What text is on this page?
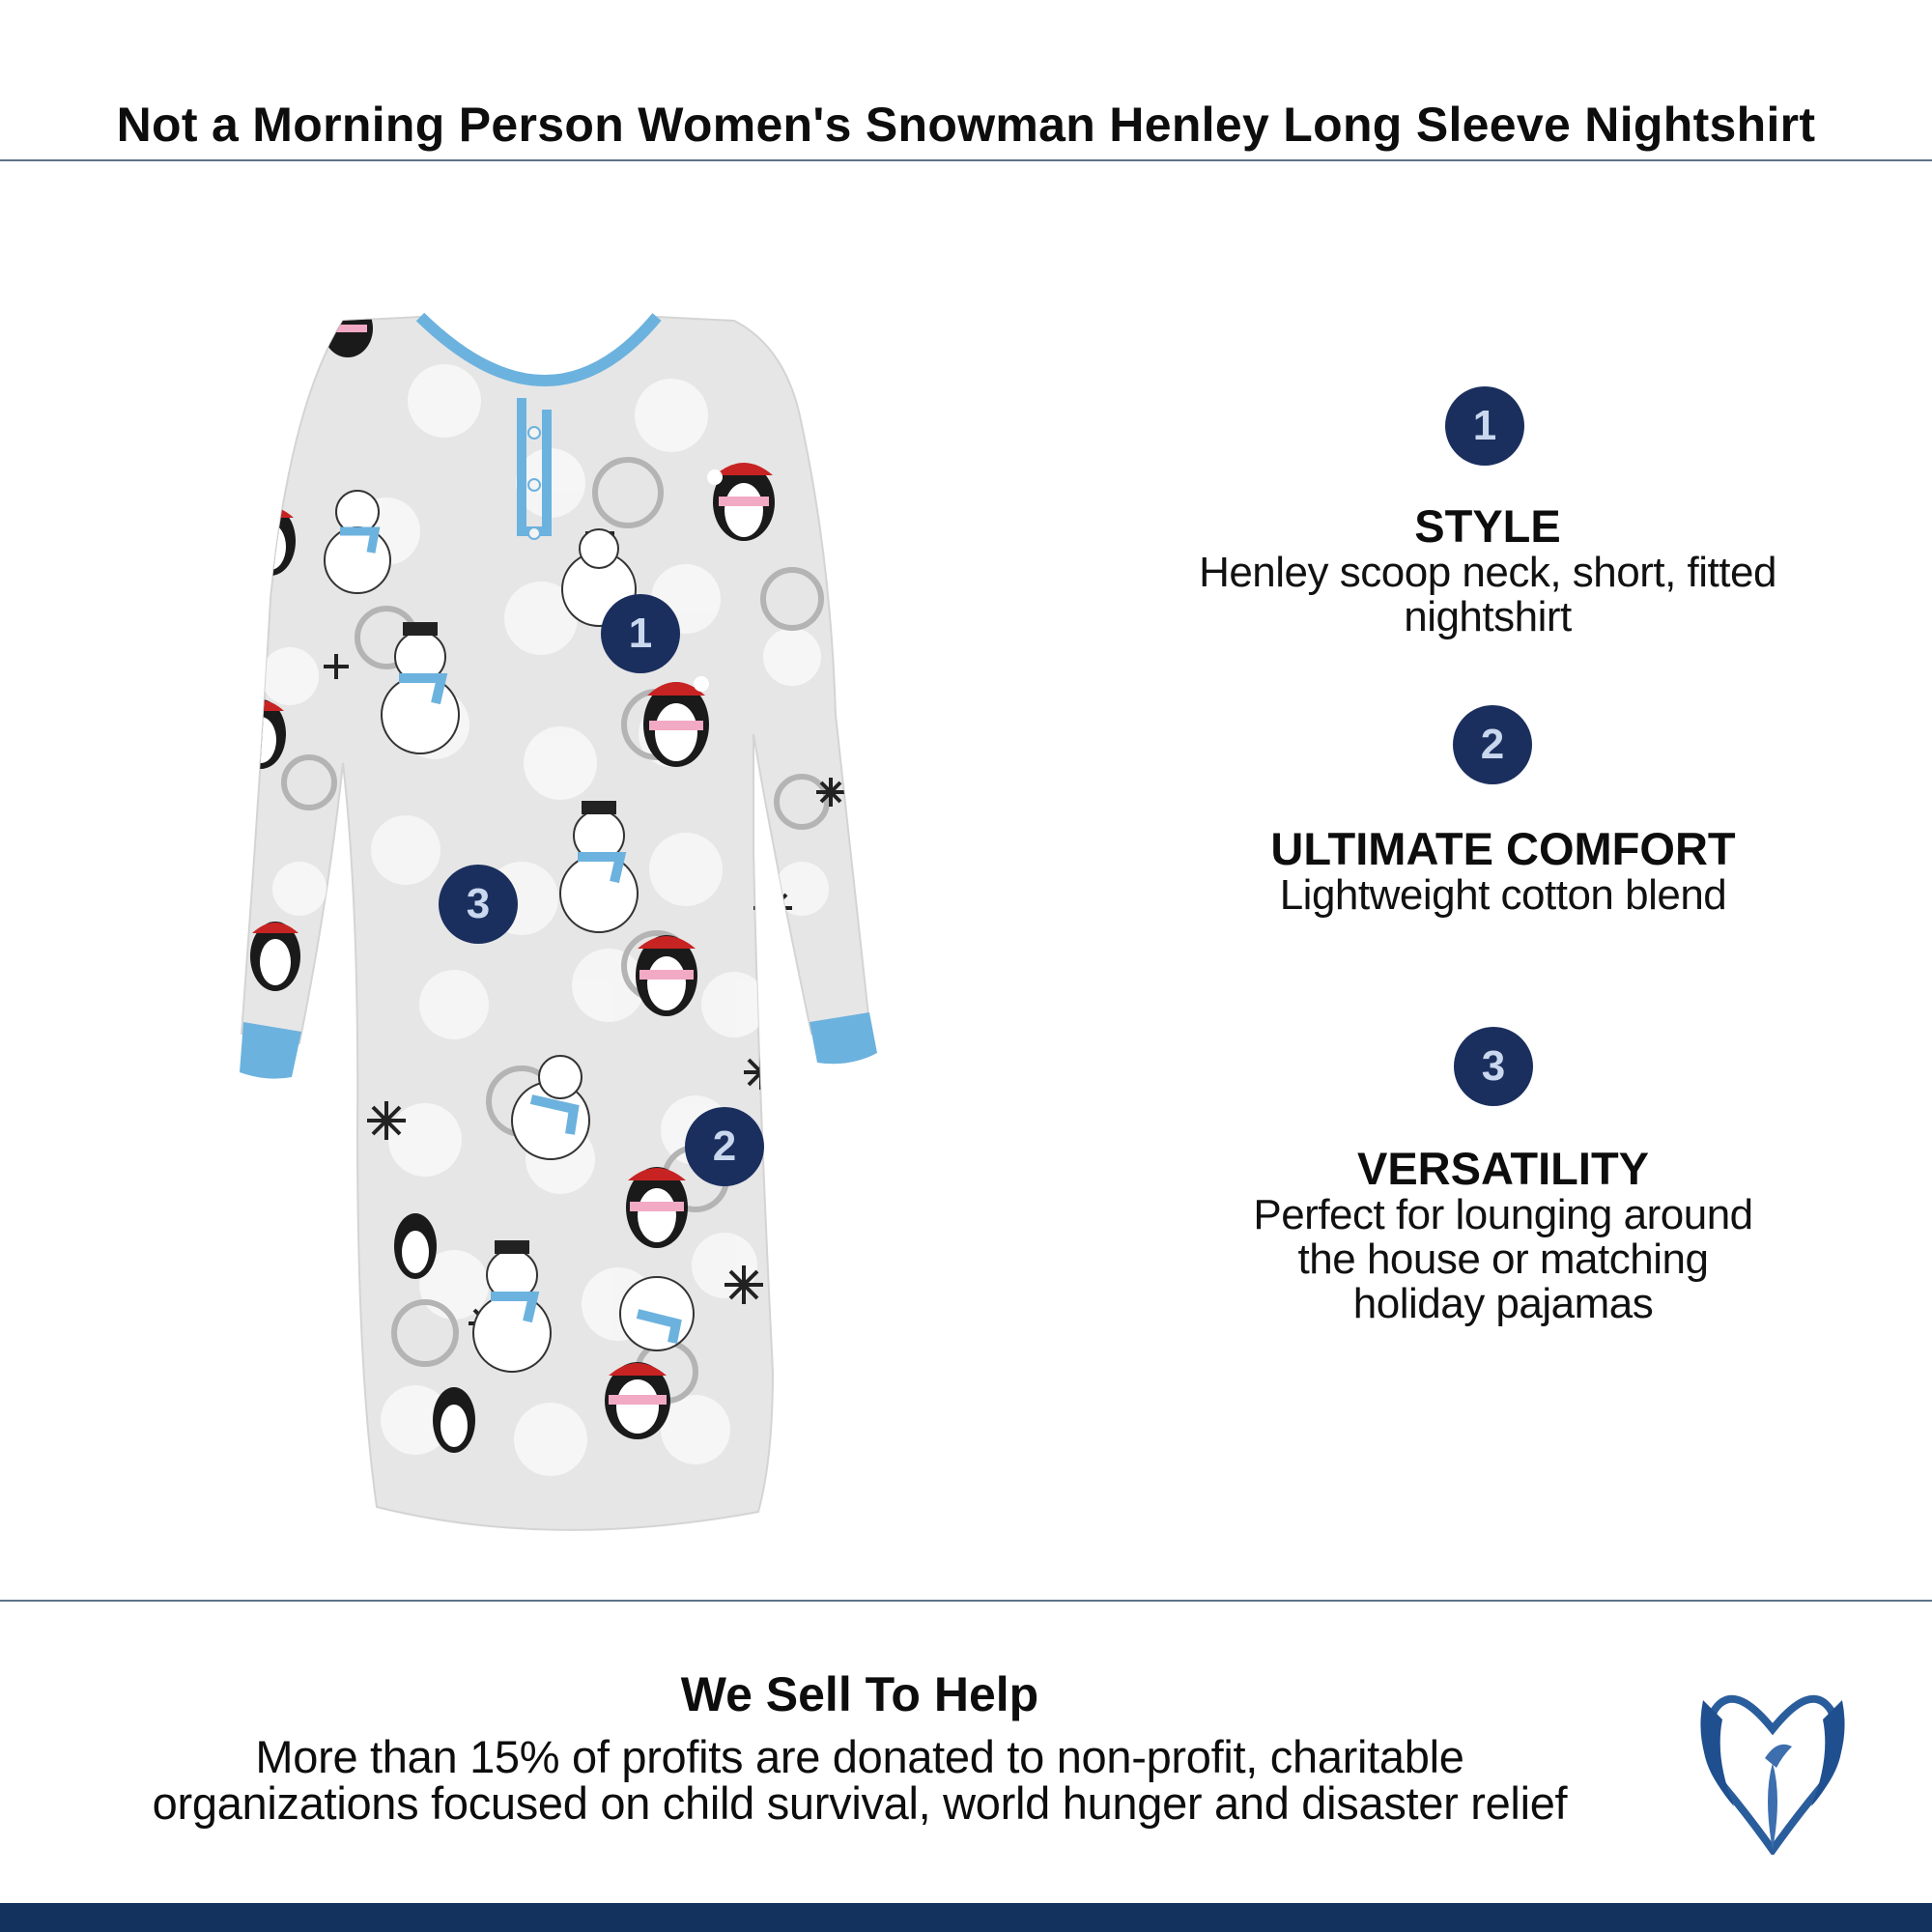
Not a Morning Person Women's Snowman Henley Long Sleeve Nightshirt
1
2
3
1
STYLE
Henley scoop neck, short, fitted
nightshirt
2
ULTIMATE COMFORT
Lightweight cotton blend
3
VERSATILITY
Perfect for lounging around
the house or matching
holiday pajamas
We Sell To Help
More than 15% of profits are donated to non-profit, charitable
organizations focused on child survival, world hunger and disaster relief
